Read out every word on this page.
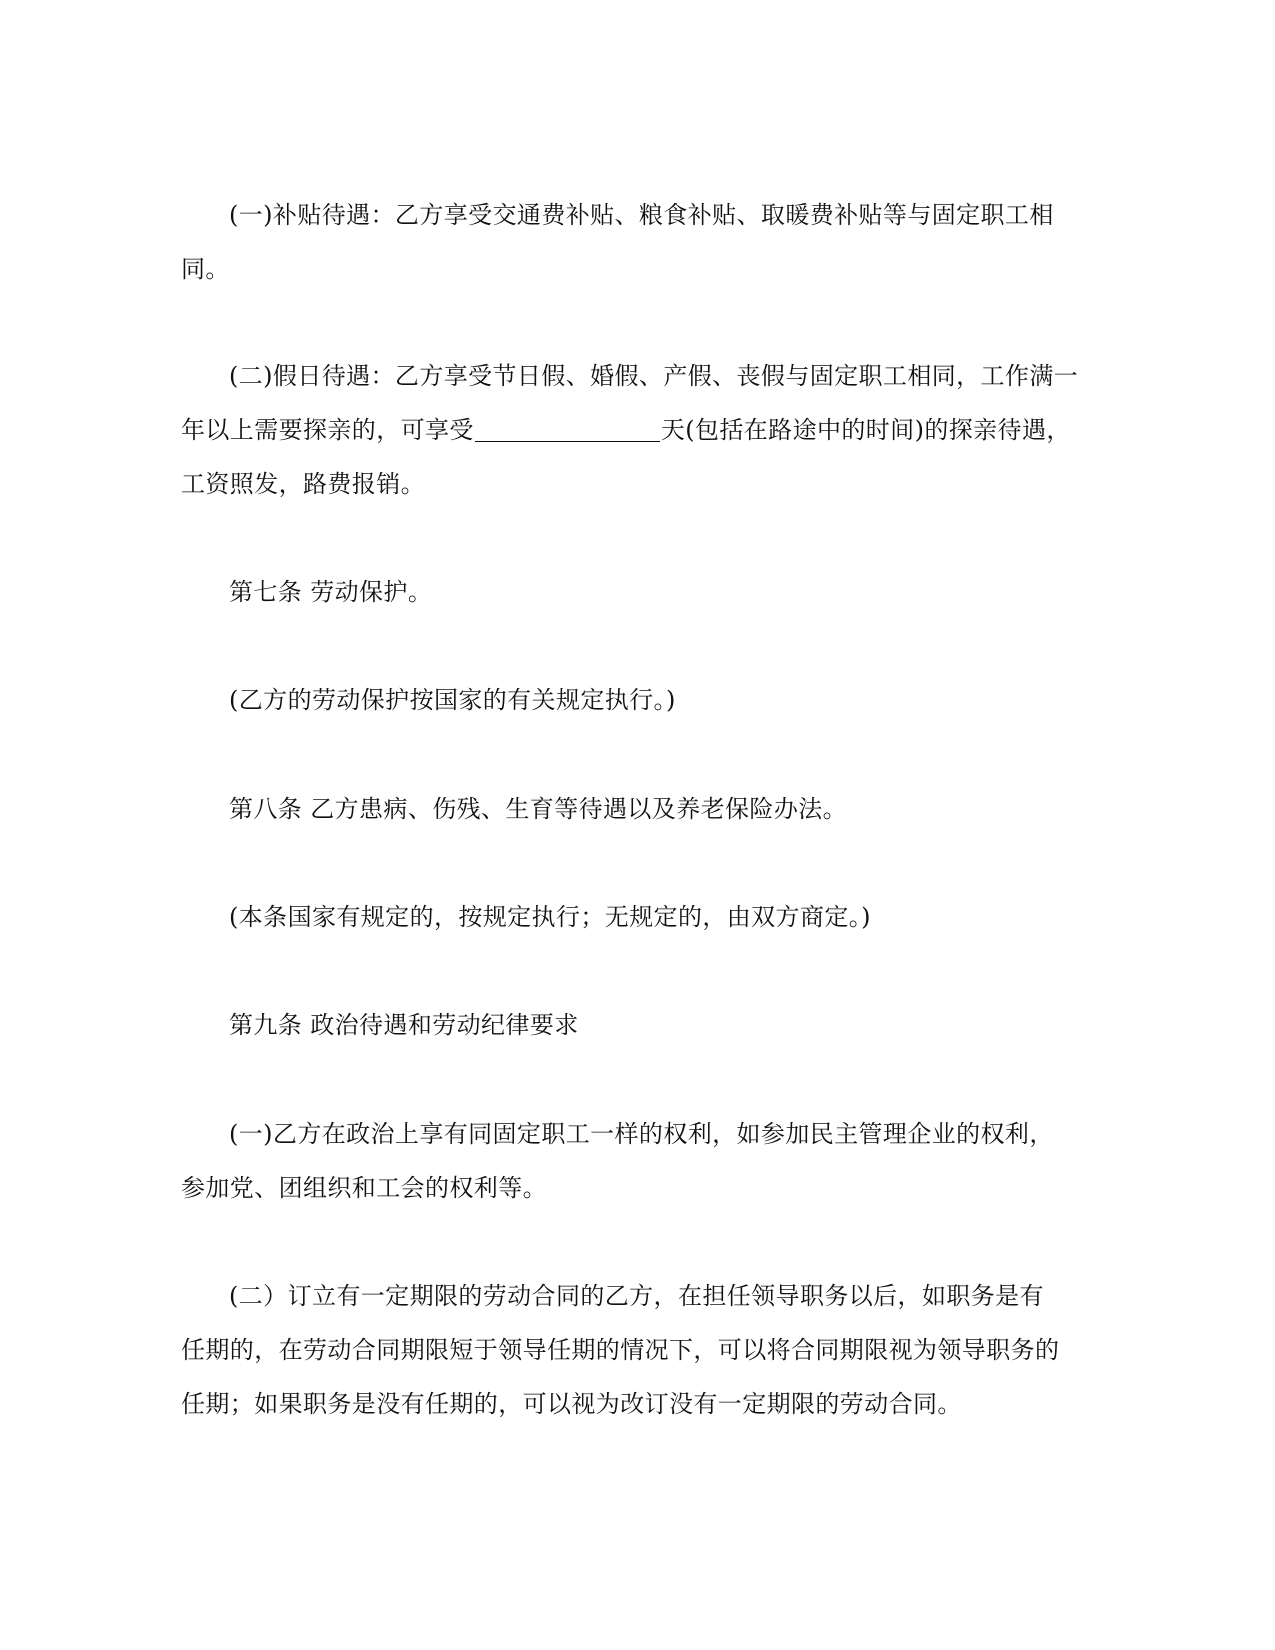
(一)补贴待遇：乙方享受交通费补贴、粮食补贴、取暖费补贴等与固定职工相
同。
(二)假日待遇：乙方享受节日假、婚假、产假、丧假与固定职工相同，工作满一
年以上需要探亲的，可享受	天(包括在路途中的时间)的探亲待遇，
工资照发，路费报销。
第七条 劳动保护。
(乙方的劳动保护按国家的有关规定执行。)
第八条 乙方患病、伤残、生育等待遇以及养老保险办法。
(本条国家有规定的，按规定执行；无规定的，由双方商定。)
第九条 政治待遇和劳动纪律要求
(一)乙方在政治上享有同固定职工一样的权利，如参加民主管理企业的权利，
参加党、团组织和工会的权利等。
(二）订立有一定期限的劳动合同的乙方，在担任领导职务以后，如职务是有
任期的，在劳动合同期限短于领导任期的情况下，可以将合同期限视为领导职务的
任期；如果职务是没有任期的，可以视为改订没有一定期限的劳动合同。
